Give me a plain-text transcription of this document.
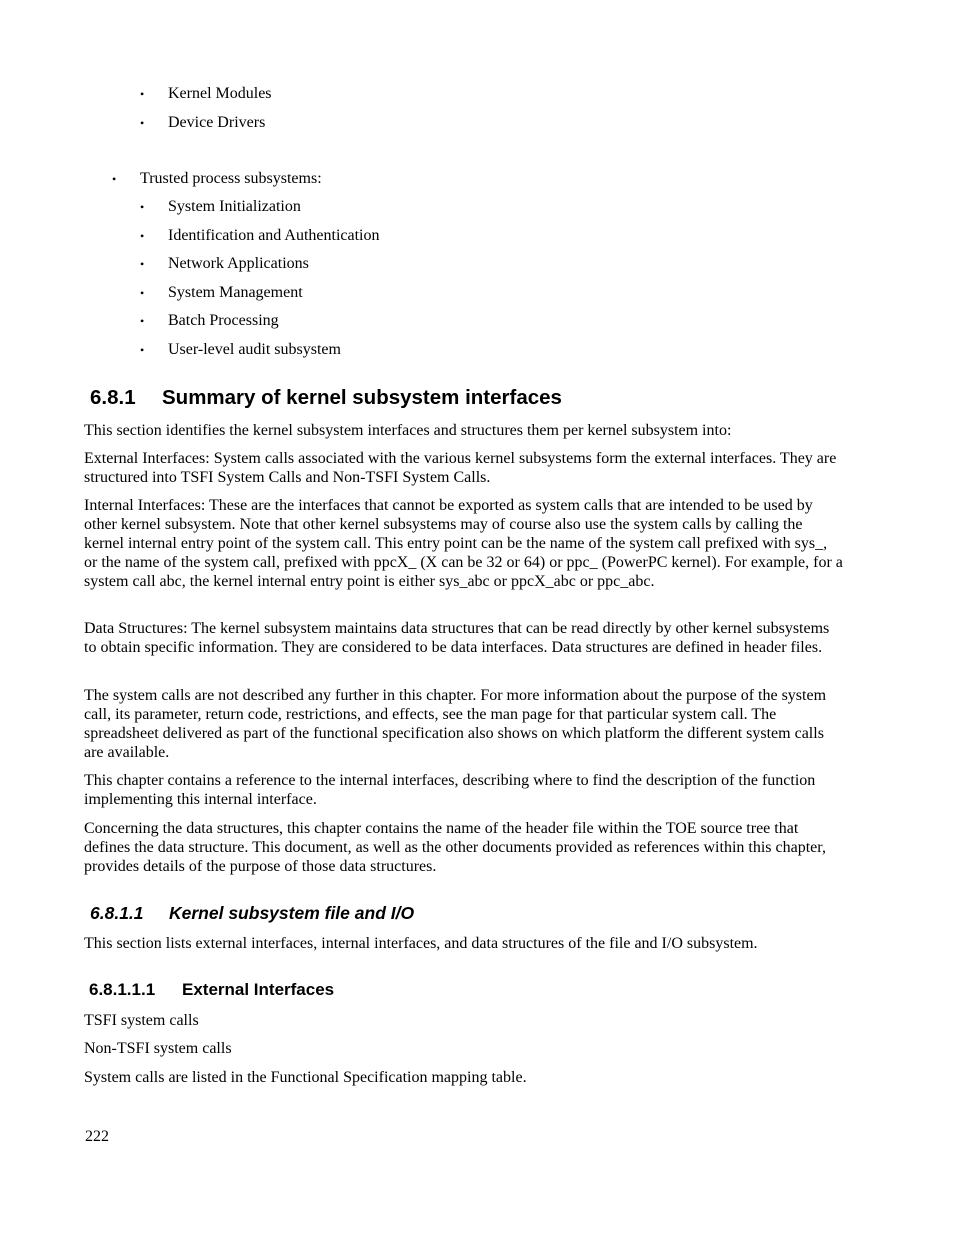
• Kernel Modules
• Device Drivers
• Trusted process subsystems:
• System Initialization
• Identification and Authentication
• Network Applications
• System Management
• Batch Processing
• User-level audit subsystem
6.8.1 Summary of kernel subsystem interfaces

This section identifies the kernel subsystem interfaces and structures them per kernel subsystem into:

External Interfaces: System calls associated with the various kernel subsystems form the external interfaces. They are structured into TSFI System Calls and Non-TSFI System Calls.

Internal Interfaces: These are the interfaces that cannot be exported as system calls that are intended to be used by other kernel subsystem. Note that other kernel subsystems may of course also use the system calls by calling the kernel internal entry point of the system call. This entry point can be the name of the system call prefixed with sys_, or the name of the system call, prefixed with ppcX_ (X can be 32 or 64) or ppc_ (PowerPC kernel). For example, for a system call abc, the kernel internal entry point is either sys_abc or ppcX_abc or ppc_abc.

Data Structures: The kernel subsystem maintains data structures that can be read directly by other kernel subsystems to obtain specific information. They are considered to be data interfaces. Data structures are defined in header files.

The system calls are not described any further in this chapter. For more information about the purpose of the system call, its parameter, return code, restrictions, and effects, see the man page for that particular system call. The spreadsheet delivered as part of the functional specification also shows on which platform the different system calls are available.

This chapter contains a reference to the internal interfaces, describing where to find the description of the function implementing this internal interface.

Concerning the data structures, this chapter contains the name of the header file within the TOE source tree that defines the data structure. This document, as well as the other documents provided as references within this chapter, provides details of the purpose of those data structures.

6.8.1.1 Kernel subsystem file and I/O

This section lists external interfaces, internal interfaces, and data structures of the file and I/O subsystem.

6.8.1.1.1 External Interfaces

TSFI system calls

Non-TSFI system calls

System calls are listed in the Functional Specification mapping table.

222
